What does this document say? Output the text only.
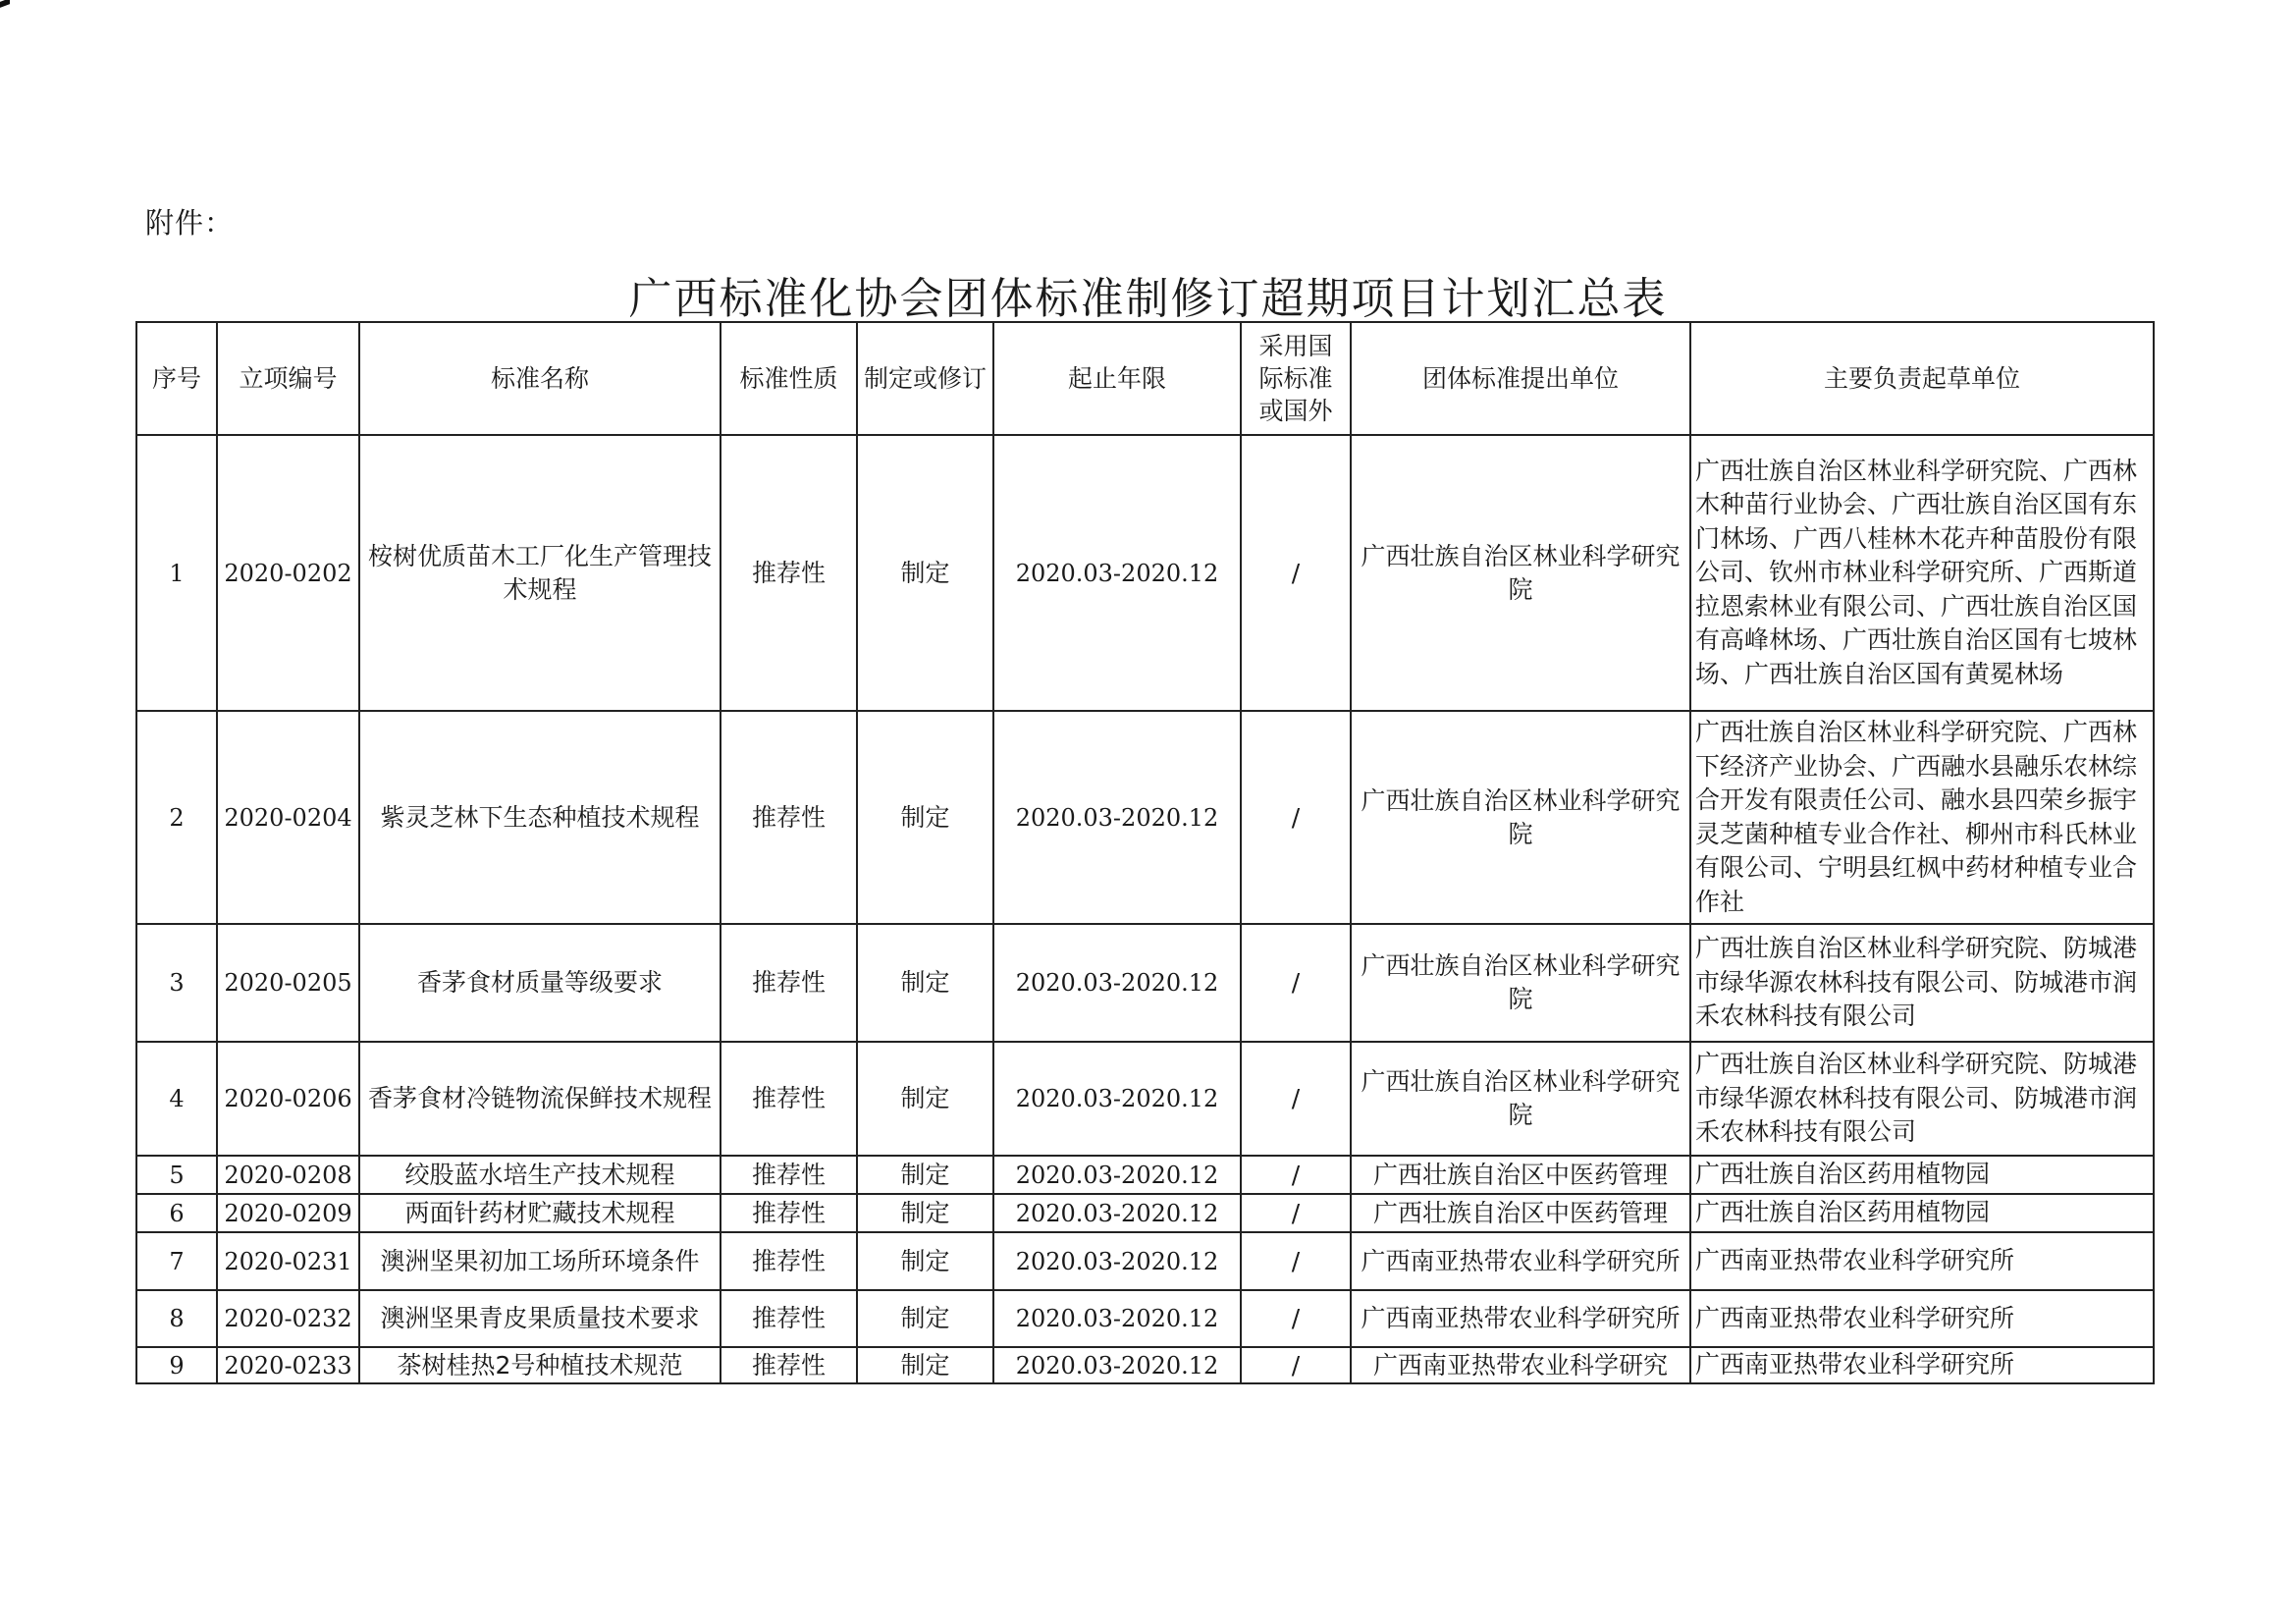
附件：
广西标准化协会团体标准制修订超期项目计划汇总表
序号	立项编号	标准名称	标准性质	制定或修订	起止年限	采用国际标准或国外	团体标准提出单位	主要负责起草单位
1	2020-0202	桉树优质苗木工厂化生产管理技术规程	推荐性	制定	2020.03-2020.12	/	广西壮族自治区林业科学研究院	广西壮族自治区林业科学研究院、广西林木种苗行业协会、广西壮族自治区国有东门林场、广西八桂林木花卉种苗股份有限公司、钦州市林业科学研究所、广西斯道拉恩索林业有限公司、广西壮族自治区国有高峰林场、广西壮族自治区国有七坡林场、广西壮族自治区国有黄冕林场
2	2020-0204	紫灵芝林下生态种植技术规程	推荐性	制定	2020.03-2020.12	/	广西壮族自治区林业科学研究院	广西壮族自治区林业科学研究院、广西林下经济产业协会、广西融水县融乐农林综合开发有限责任公司、融水县四荣乡振宇灵芝菌种植专业合作社、柳州市科氏林业有限公司、宁明县红枫中药材种植专业合作社
3	2020-0205	香茅食材质量等级要求	推荐性	制定	2020.03-2020.12	/	广西壮族自治区林业科学研究院	广西壮族自治区林业科学研究院、防城港市绿华源农林科技有限公司、防城港市润禾农林科技有限公司
4	2020-0206	香茅食材冷链物流保鲜技术规程	推荐性	制定	2020.03-2020.12	/	广西壮族自治区林业科学研究院	广西壮族自治区林业科学研究院、防城港市绿华源农林科技有限公司、防城港市润禾农林科技有限公司
5	2020-0208	绞股蓝水培生产技术规程	推荐性	制定	2020.03-2020.12	/	广西壮族自治区中医药管理	广西壮族自治区药用植物园
6	2020-0209	两面针药材贮藏技术规程	推荐性	制定	2020.03-2020.12	/	广西壮族自治区中医药管理	广西壮族自治区药用植物园
7	2020-0231	澳洲坚果初加工场所环境条件	推荐性	制定	2020.03-2020.12	/	广西南亚热带农业科学研究所	广西南亚热带农业科学研究所
8	2020-0232	澳洲坚果青皮果质量技术要求	推荐性	制定	2020.03-2020.12	/	广西南亚热带农业科学研究所	广西南亚热带农业科学研究所
9	2020-0233	茶树桂热2号种植技术规范	推荐性	制定	2020.03-2020.12	/	广西南亚热带农业科学研究	广西南亚热带农业科学研究所
